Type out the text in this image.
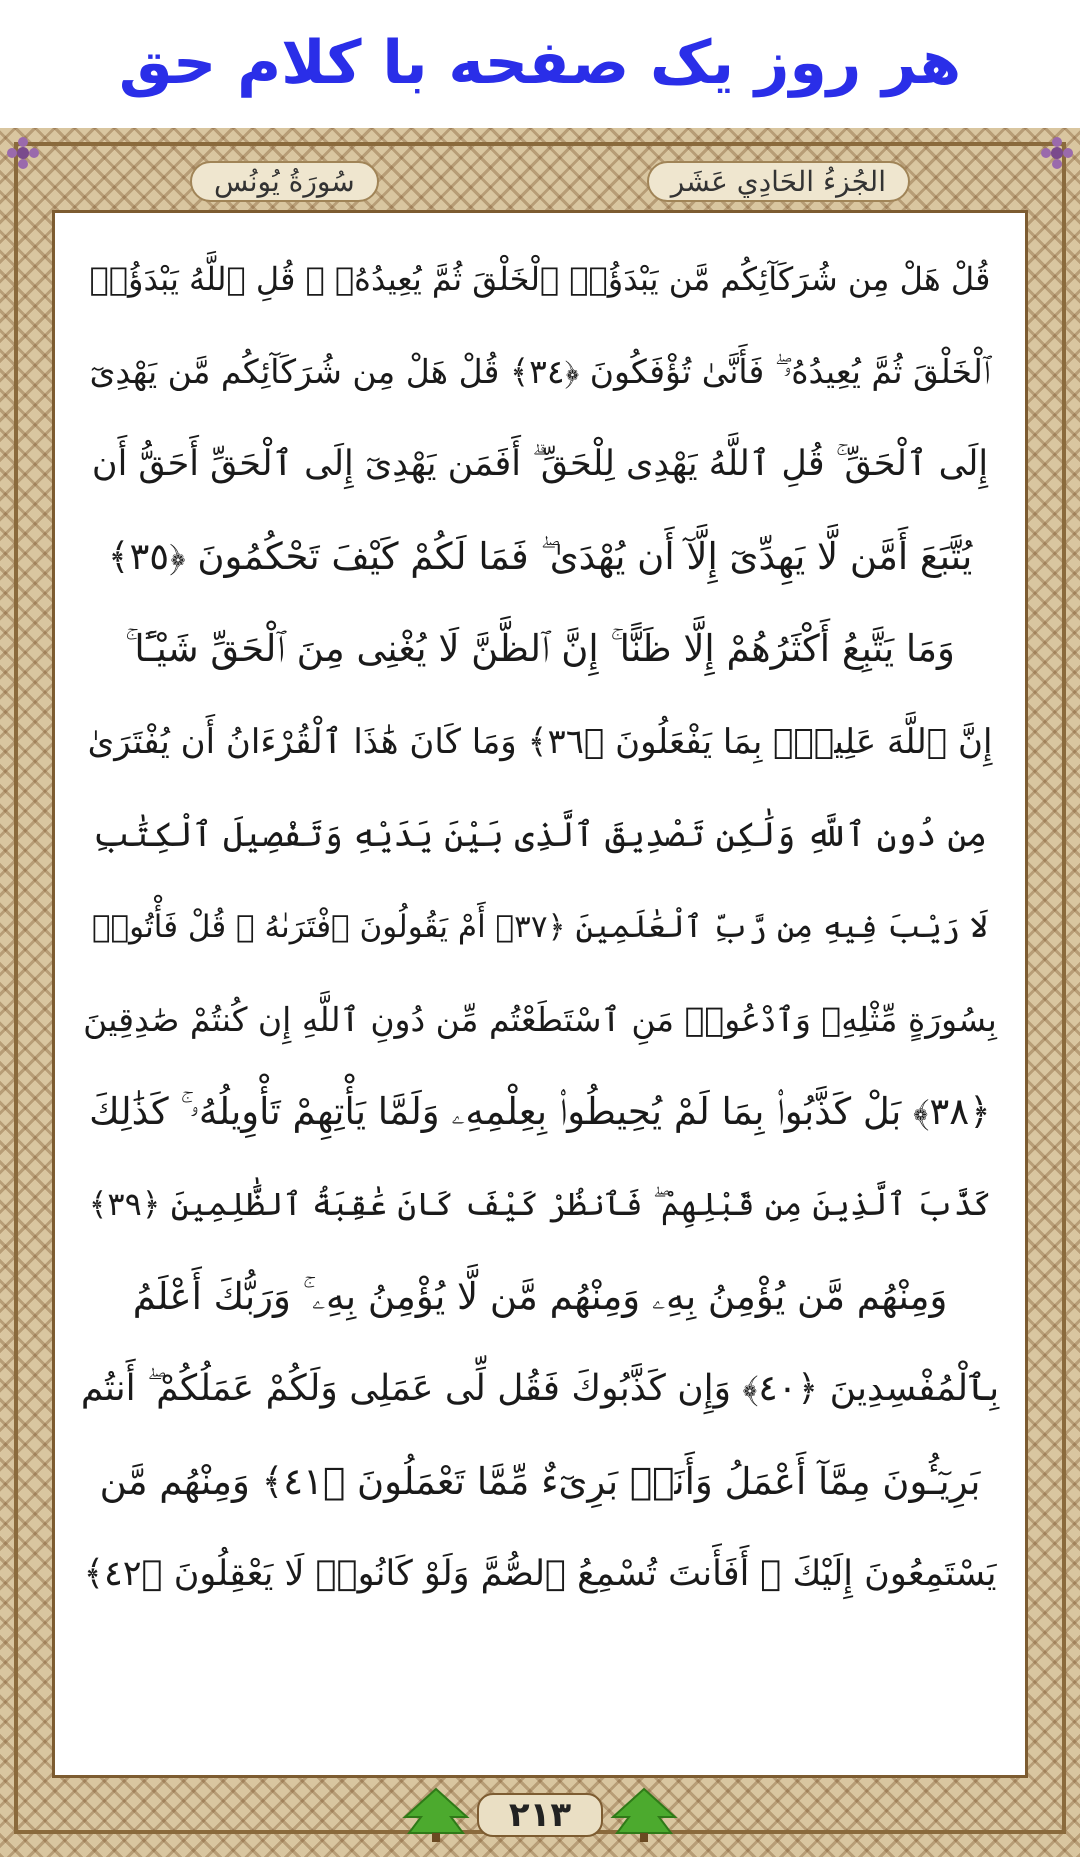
هر روز یک صفحه با کلام حق
الجُزءُ الحَادِي عَشَر
سُورَةُ يُونُس
قُلْ هَلْ مِن شُرَكَآئِكُم مَّن يَبْدَؤُا۟ ٱلْخَلْقَ ثُمَّ يُعِيدُهُۥ ۚ قُلِ ٱللَّهُ يَبْدَؤُا۟
ٱلْخَلْقَ ثُمَّ يُعِيدُهُۥ ۖ فَأَنَّىٰ تُؤْفَكُونَ ﴿٣٤﴾ قُلْ هَلْ مِن شُرَكَآئِكُم مَّن يَهْدِىٓ
إِلَى ٱلْحَقِّ ۚ قُلِ ٱللَّهُ يَهْدِى لِلْحَقِّ ۗ أَفَمَن يَهْدِىٓ إِلَى ٱلْحَقِّ أَحَقُّ أَن
يُتَّبَعَ أَمَّن لَّا يَهِدِّىٓ إِلَّآ أَن يُهْدَىٰ ۖ فَمَا لَكُمْ كَيْفَ تَحْكُمُونَ ﴿٣٥﴾
وَمَا يَتَّبِعُ أَكْثَرُهُمْ إِلَّا ظَنًّا ۚ إِنَّ ٱلظَّنَّ لَا يُغْنِى مِنَ ٱلْحَقِّ شَيْـًٔا ۚ
إِنَّ ٱللَّهَ عَلِيمٌۢ بِمَا يَفْعَلُونَ ﴿٣٦﴾ وَمَا كَانَ هَٰذَا ٱلْقُرْءَانُ أَن يُفْتَرَىٰ
مِن دُونِ ٱللَّهِ وَلَٰكِن تَصْدِيقَ ٱلَّذِى بَيْنَ يَدَيْهِ وَتَفْصِيلَ ٱلْكِتَٰبِ
لَا رَيْبَ فِيهِ مِن رَّبِّ ٱلْعَٰلَمِينَ ﴿٣٧﴾ أَمْ يَقُولُونَ ٱفْتَرَىٰهُ ۖ قُلْ فَأْتُوا۟
بِسُورَةٍ مِّثْلِهِۦ وَٱدْعُوا۟ مَنِ ٱسْتَطَعْتُم مِّن دُونِ ٱللَّهِ إِن كُنتُمْ صَٰدِقِينَ
﴿٣٨﴾ بَلْ كَذَّبُوا۟ بِمَا لَمْ يُحِيطُوا۟ بِعِلْمِهِۦ وَلَمَّا يَأْتِهِمْ تَأْوِيلُهُۥ ۚ كَذَٰلِكَ
كَذَّبَ ٱلَّذِينَ مِن قَبْلِهِمْ ۖ فَٱنظُرْ كَيْفَ كَانَ عَٰقِبَةُ ٱلظَّٰلِمِينَ ﴿٣٩﴾
وَمِنْهُم مَّن يُؤْمِنُ بِهِۦ وَمِنْهُم مَّن لَّا يُؤْمِنُ بِهِۦ ۚ وَرَبُّكَ أَعْلَمُ
بِٱلْمُفْسِدِينَ ﴿٤٠﴾ وَإِن كَذَّبُوكَ فَقُل لِّى عَمَلِى وَلَكُمْ عَمَلُكُمْ ۖ أَنتُم
بَرِيٓـُٔونَ مِمَّآ أَعْمَلُ وَأَنَا۠ بَرِىٓءٌ مِّمَّا تَعْمَلُونَ ﴿٤١﴾ وَمِنْهُم مَّن
يَسْتَمِعُونَ إِلَيْكَ ۚ أَفَأَنتَ تُسْمِعُ ٱلصُّمَّ وَلَوْ كَانُوا۟ لَا يَعْقِلُونَ ﴿٤٢﴾
٢١٣
